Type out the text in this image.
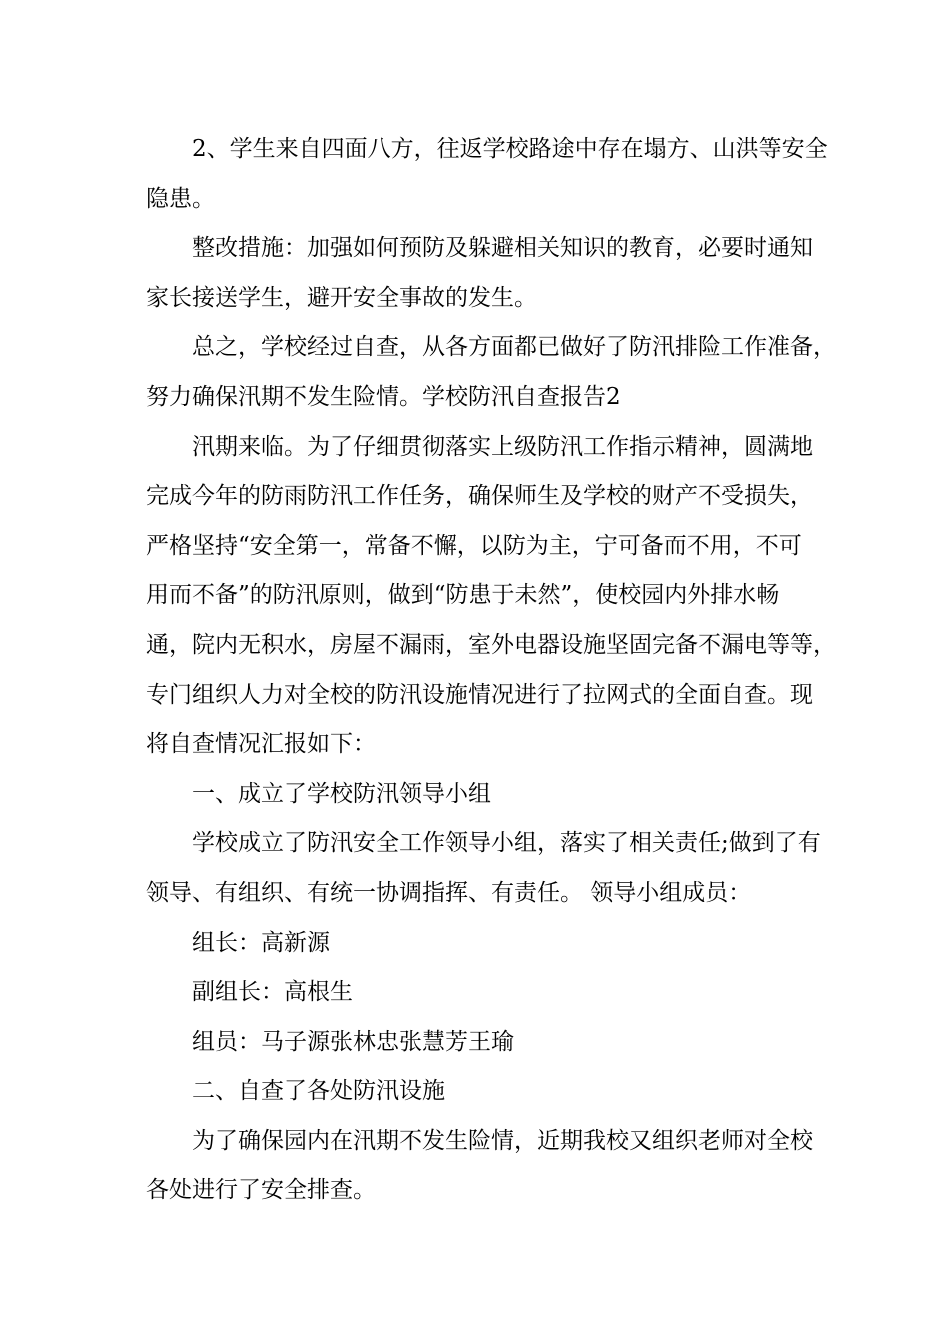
2、学生来自四面八方，往返学校路途中存在塌方、山洪等安全
隐患。
整改措施：加强如何预防及躲避相关知识的教育，必要时通知
家长接送学生，避开安全事故的发生。
总之，学校经过自查，从各方面都已做好了防汛排险工作准备，
努力确保汛期不发生险情。学校防汛自查报告2
汛期来临。为了仔细贯彻落实上级防汛工作指示精神，圆满地
完成今年的防雨防汛工作任务，确保师生及学校的财产不受损失，
严格坚持“安全第一，常备不懈，以防为主，宁可备而不用，不可
用而不备”的防汛原则，做到“防患于未然”，使校园内外排水畅
通，院内无积水，房屋不漏雨，室外电器设施坚固完备不漏电等等，
专门组织人力对全校的防汛设施情况进行了拉网式的全面自查。现
将自查情况汇报如下：
一、成立了学校防汛领导小组
学校成立了防汛安全工作领导小组，落实了相关责任;做到了有
领导、有组织、有统一协调指挥、有责任。 领导小组成员：
组长：高新源
副组长：高根生
组员：马子源张林忠张慧芳王瑜
二、自查了各处防汛设施
为了确保园内在汛期不发生险情，近期我校又组织老师对全校
各处进行了安全排查。
